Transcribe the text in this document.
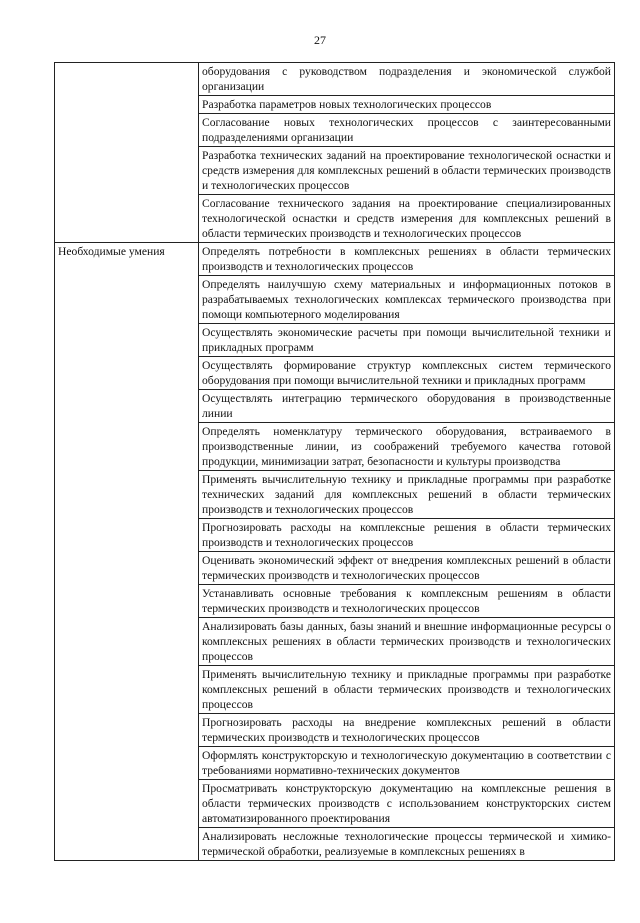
27
	оборудования с руководством подразделения и экономической службой организации
	Разработка параметров новых технологических процессов
	Согласование новых технологических процессов с заинтересованными подразделениями организации
	Разработка технических заданий на проектирование технологической оснастки и средств измерения для комплексных решений в области термических производств и технологических процессов
	Согласование технического задания на проектирование специализированных технологической оснастки и средств измерения для комплексных решений в области термических производств и технологических процессов
Необходимые умения	Определять потребности в комплексных решениях в области термических производств и технологических процессов
	Определять наилучшую схему материальных и информационных потоков в разрабатываемых технологических комплексах термического производства при помощи компьютерного моделирования
	Осуществлять экономические расчеты при помощи вычислительной техники и прикладных программ
	Осуществлять формирование структур комплексных систем термического оборудования при помощи вычислительной техники и прикладных программ
	Осуществлять интеграцию термического оборудования в производственные линии
	Определять номенклатуру термического оборудования, встраиваемого в производственные линии, из соображений требуемого качества готовой продукции, минимизации затрат, безопасности и культуры производства
	Применять вычислительную технику и прикладные программы при разработке технических заданий для комплексных решений в области термических производств и технологических процессов
	Прогнозировать расходы на комплексные решения в области термических производств и технологических процессов
	Оценивать экономический эффект от внедрения комплексных решений в области термических производств и технологических процессов
	Устанавливать основные требования к комплексным решениям в области термических производств и технологических процессов
	Анализировать базы данных, базы знаний и внешние информационные ресурсы о комплексных решениях в области термических производств и технологических процессов
	Применять вычислительную технику и прикладные программы при разработке комплексных решений в области термических производств и технологических процессов
	Прогнозировать расходы на внедрение комплексных решений в области термических производств и технологических процессов
	Оформлять конструкторскую и технологическую документацию в соответствии с требованиями нормативно-технических документов
	Просматривать конструкторскую документацию на комплексные решения в области термических производств с использованием конструкторских систем автоматизированного проектирования
	Анализировать несложные технологические процессы термической и химико-термической обработки, реализуемые в комплексных решениях в
